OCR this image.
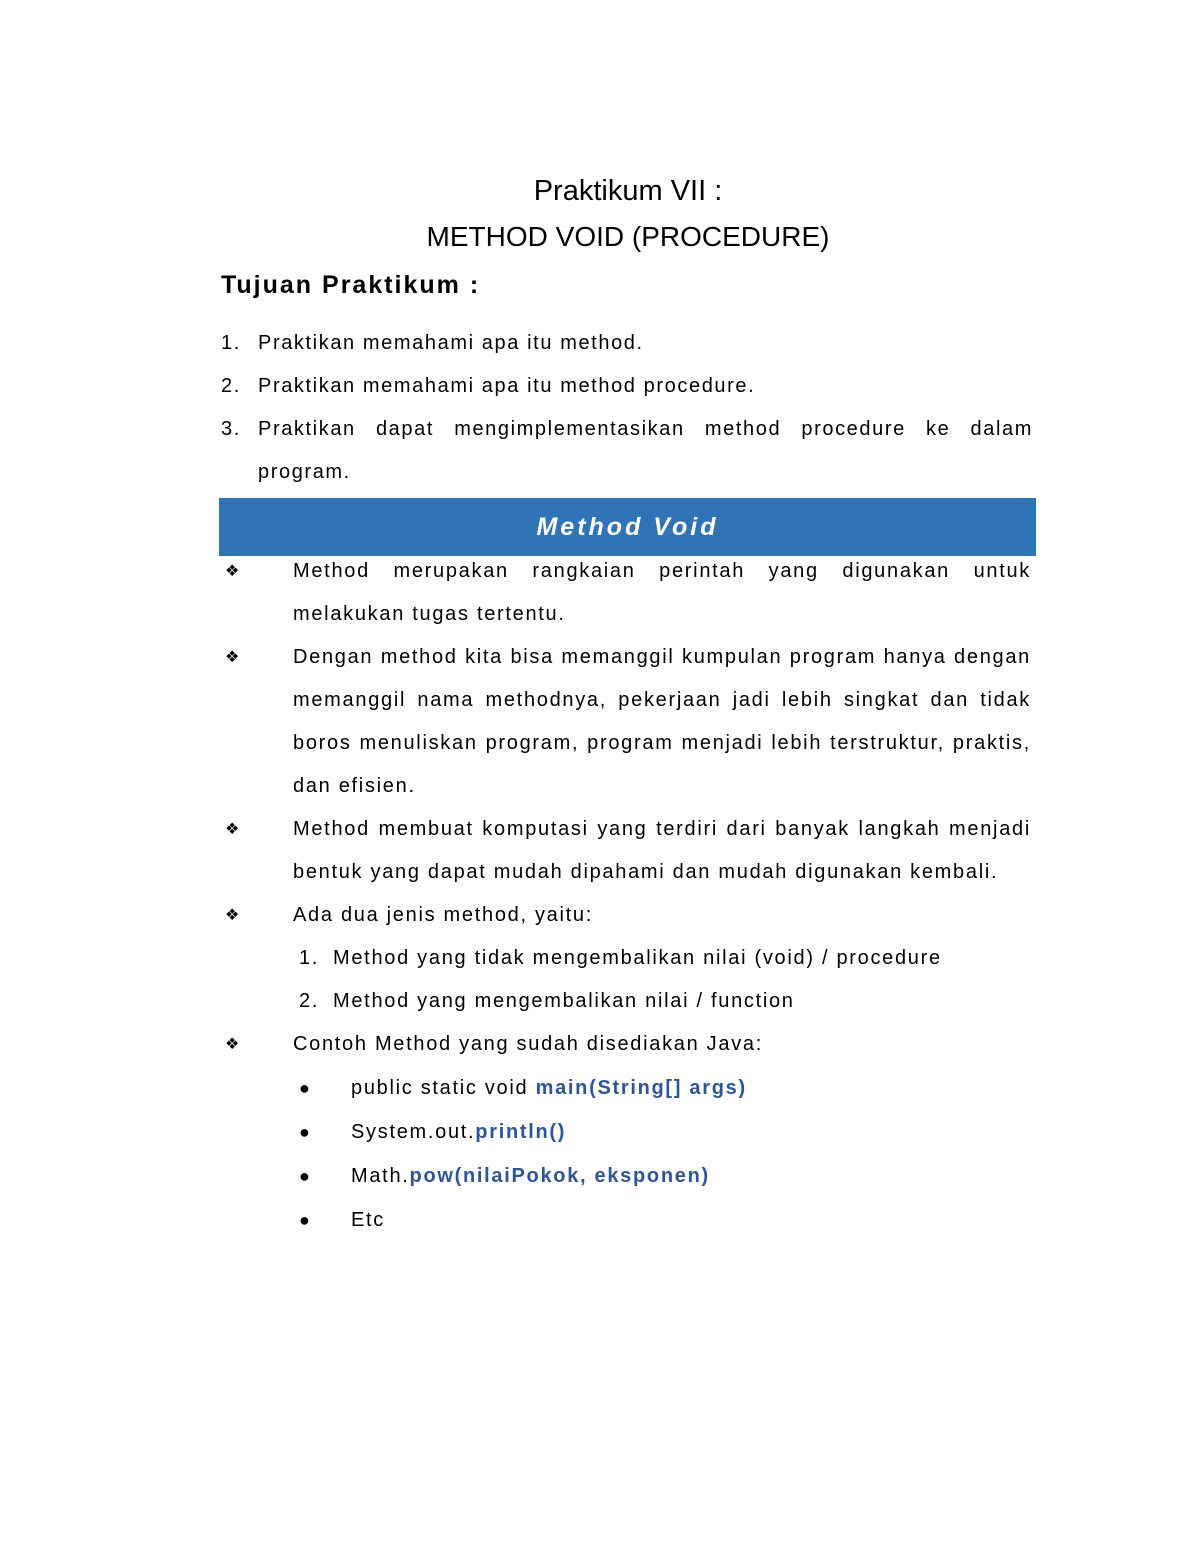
Praktikum VII :
METHOD VOID (PROCEDURE)
Tujuan Praktikum :
1. Praktikan memahami apa itu method.
2. Praktikan memahami apa itu method procedure.
3. Praktikan dapat mengimplementasikan method procedure ke dalam program.
Method Void
❖	Method merupakan rangkaian perintah yang digunakan untuk melakukan tugas tertentu.
❖	Dengan method kita bisa memanggil kumpulan program hanya dengan memanggil nama methodnya, pekerjaan jadi lebih singkat dan tidak boros menuliskan program, program menjadi lebih terstruktur, praktis, dan efisien.
❖	Method membuat komputasi yang terdiri dari banyak langkah menjadi bentuk yang dapat mudah dipahami dan mudah digunakan kembali.
❖	Ada dua jenis method, yaitu:
1. Method yang tidak mengembalikan nilai (void) / procedure
2. Method yang mengembalikan nilai / function
❖	Contoh Method yang sudah disediakan Java:
●	public static void main(String[] args)
●	System.out.println()
●	Math.pow(nilaiPokok, eksponen)
●	Etc
